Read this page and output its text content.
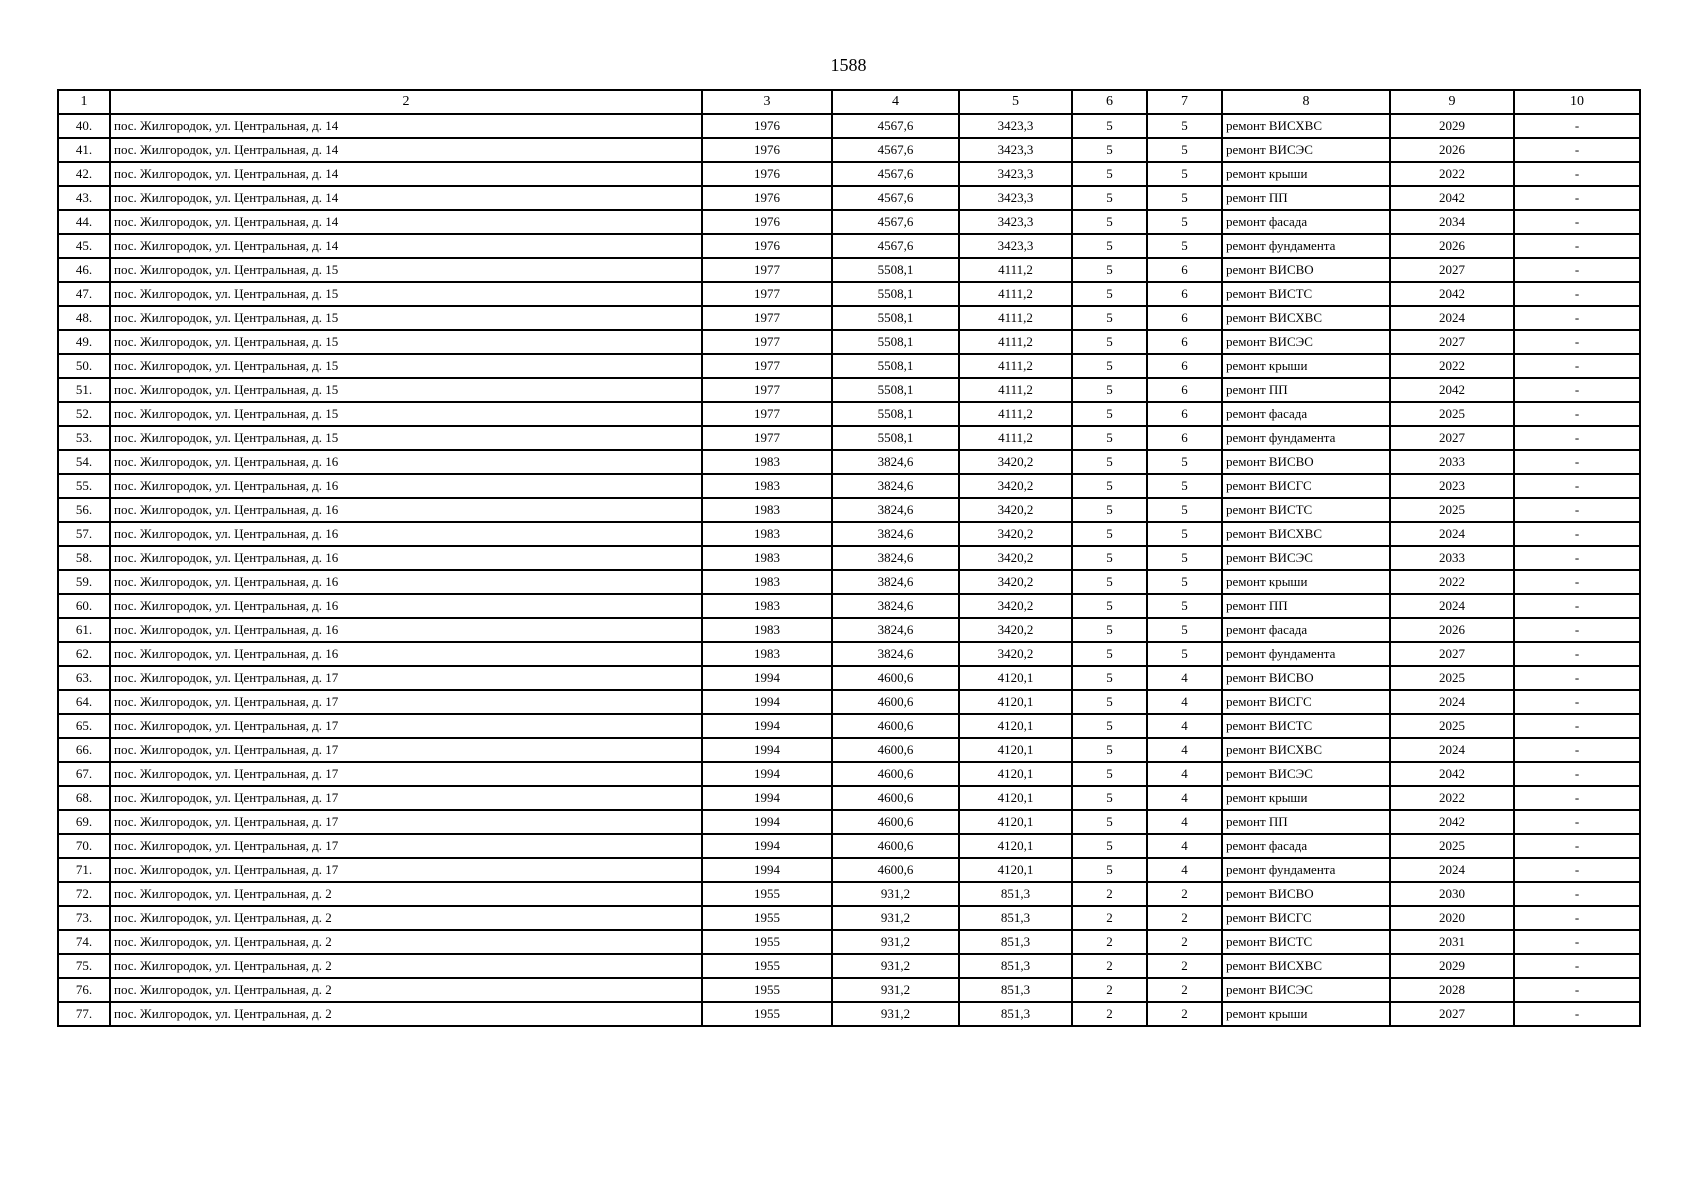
1588
1	2	3	4	5	6	7	8	9	10
40.	пос. Жилгородок, ул. Центральная, д. 14	1976	4567,6	3423,3	5	5	ремонт ВИСХВС	2029	-
41.	пос. Жилгородок, ул. Центральная, д. 14	1976	4567,6	3423,3	5	5	ремонт ВИСЭС	2026	-
42.	пос. Жилгородок, ул. Центральная, д. 14	1976	4567,6	3423,3	5	5	ремонт крыши	2022	-
43.	пос. Жилгородок, ул. Центральная, д. 14	1976	4567,6	3423,3	5	5	ремонт ПП	2042	-
44.	пос. Жилгородок, ул. Центральная, д. 14	1976	4567,6	3423,3	5	5	ремонт фасада	2034	-
45.	пос. Жилгородок, ул. Центральная, д. 14	1976	4567,6	3423,3	5	5	ремонт фундамента	2026	-
46.	пос. Жилгородок, ул. Центральная, д. 15	1977	5508,1	4111,2	5	6	ремонт ВИСВО	2027	-
47.	пос. Жилгородок, ул. Центральная, д. 15	1977	5508,1	4111,2	5	6	ремонт ВИСТС	2042	-
48.	пос. Жилгородок, ул. Центральная, д. 15	1977	5508,1	4111,2	5	6	ремонт ВИСХВС	2024	-
49.	пос. Жилгородок, ул. Центральная, д. 15	1977	5508,1	4111,2	5	6	ремонт ВИСЭС	2027	-
50.	пос. Жилгородок, ул. Центральная, д. 15	1977	5508,1	4111,2	5	6	ремонт крыши	2022	-
51.	пос. Жилгородок, ул. Центральная, д. 15	1977	5508,1	4111,2	5	6	ремонт ПП	2042	-
52.	пос. Жилгородок, ул. Центральная, д. 15	1977	5508,1	4111,2	5	6	ремонт фасада	2025	-
53.	пос. Жилгородок, ул. Центральная, д. 15	1977	5508,1	4111,2	5	6	ремонт фундамента	2027	-
54.	пос. Жилгородок, ул. Центральная, д. 16	1983	3824,6	3420,2	5	5	ремонт ВИСВО	2033	-
55.	пос. Жилгородок, ул. Центральная, д. 16	1983	3824,6	3420,2	5	5	ремонт ВИСГС	2023	-
56.	пос. Жилгородок, ул. Центральная, д. 16	1983	3824,6	3420,2	5	5	ремонт ВИСТС	2025	-
57.	пос. Жилгородок, ул. Центральная, д. 16	1983	3824,6	3420,2	5	5	ремонт ВИСХВС	2024	-
58.	пос. Жилгородок, ул. Центральная, д. 16	1983	3824,6	3420,2	5	5	ремонт ВИСЭС	2033	-
59.	пос. Жилгородок, ул. Центральная, д. 16	1983	3824,6	3420,2	5	5	ремонт крыши	2022	-
60.	пос. Жилгородок, ул. Центральная, д. 16	1983	3824,6	3420,2	5	5	ремонт ПП	2024	-
61.	пос. Жилгородок, ул. Центральная, д. 16	1983	3824,6	3420,2	5	5	ремонт фасада	2026	-
62.	пос. Жилгородок, ул. Центральная, д. 16	1983	3824,6	3420,2	5	5	ремонт фундамента	2027	-
63.	пос. Жилгородок, ул. Центральная, д. 17	1994	4600,6	4120,1	5	4	ремонт ВИСВО	2025	-
64.	пос. Жилгородок, ул. Центральная, д. 17	1994	4600,6	4120,1	5	4	ремонт ВИСГС	2024	-
65.	пос. Жилгородок, ул. Центральная, д. 17	1994	4600,6	4120,1	5	4	ремонт ВИСТС	2025	-
66.	пос. Жилгородок, ул. Центральная, д. 17	1994	4600,6	4120,1	5	4	ремонт ВИСХВС	2024	-
67.	пос. Жилгородок, ул. Центральная, д. 17	1994	4600,6	4120,1	5	4	ремонт ВИСЭС	2042	-
68.	пос. Жилгородок, ул. Центральная, д. 17	1994	4600,6	4120,1	5	4	ремонт крыши	2022	-
69.	пос. Жилгородок, ул. Центральная, д. 17	1994	4600,6	4120,1	5	4	ремонт ПП	2042	-
70.	пос. Жилгородок, ул. Центральная, д. 17	1994	4600,6	4120,1	5	4	ремонт фасада	2025	-
71.	пос. Жилгородок, ул. Центральная, д. 17	1994	4600,6	4120,1	5	4	ремонт фундамента	2024	-
72.	пос. Жилгородок, ул. Центральная, д. 2	1955	931,2	851,3	2	2	ремонт ВИСВО	2030	-
73.	пос. Жилгородок, ул. Центральная, д. 2	1955	931,2	851,3	2	2	ремонт ВИСГС	2020	-
74.	пос. Жилгородок, ул. Центральная, д. 2	1955	931,2	851,3	2	2	ремонт ВИСТС	2031	-
75.	пос. Жилгородок, ул. Центральная, д. 2	1955	931,2	851,3	2	2	ремонт ВИСХВС	2029	-
76.	пос. Жилгородок, ул. Центральная, д. 2	1955	931,2	851,3	2	2	ремонт ВИСЭС	2028	-
77.	пос. Жилгородок, ул. Центральная, д. 2	1955	931,2	851,3	2	2	ремонт крыши	2027	-
